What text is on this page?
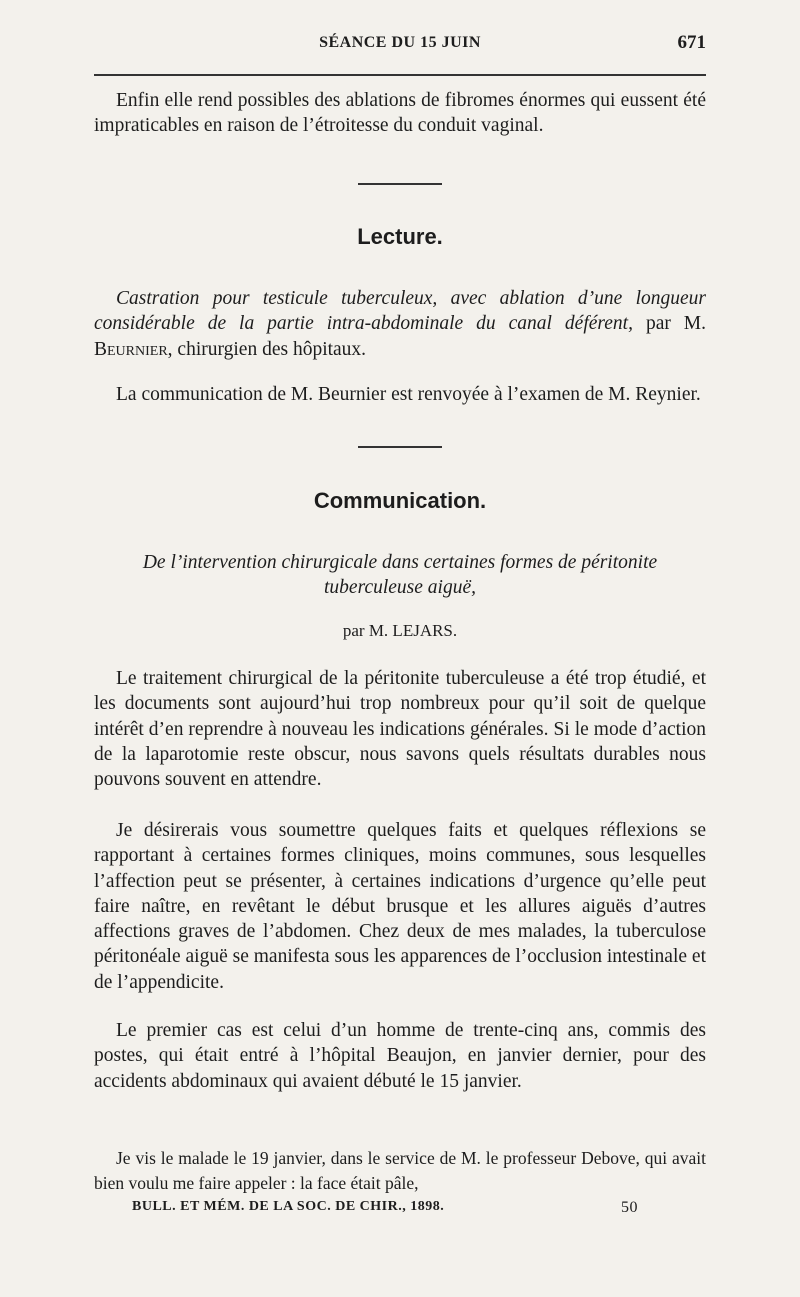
SÉANCE DU 15 JUIN	671
Enfin elle rend possibles des ablations de fibromes énormes qui eussent été impraticables en raison de l’étroitesse du conduit vaginal.
Lecture.
Castration pour testicule tuberculeux, avec ablation d’une longueur considérable de la partie intra-abdominale du canal déférent, par M. Beurnier, chirurgien des hôpitaux.
La communication de M. Beurnier est renvoyée à l’examen de M. Reynier.
Communication.
De l’intervention chirurgicale dans certaines formes de péritonite
tuberculeuse aiguë,
par M. LEJARS.
Le traitement chirurgical de la péritonite tuberculeuse a été trop étudié, et les documents sont aujourd’hui trop nombreux pour qu’il soit de quelque intérêt d’en reprendre à nouveau les indications générales. Si le mode d’action de la laparotomie reste obscur, nous savons quels résultats durables nous pouvons souvent en attendre.
Je désirerais vous soumettre quelques faits et quelques réflexions se rapportant à certaines formes cliniques, moins communes, sous lesquelles l’affection peut se présenter, à certaines indications d’urgence qu’elle peut faire naître, en revêtant le début brusque et les allures aiguës d’autres affections graves de l’abdomen. Chez deux de mes malades, la tuberculose péritonéale aiguë se manifesta sous les apparences de l’occlusion intestinale et de l’appendicite.
Le premier cas est celui d’un homme de trente-cinq ans, commis des postes, qui était entré à l’hôpital Beaujon, en janvier dernier, pour des accidents abdominaux qui avaient débuté le 15 janvier.
Je vis le malade le 19 janvier, dans le service de M. le professeur Debove, qui avait bien voulu me faire appeler : la face était pâle,
BULL. ET MÉM. DE LA SOC. DE CHIR., 1898.	50
